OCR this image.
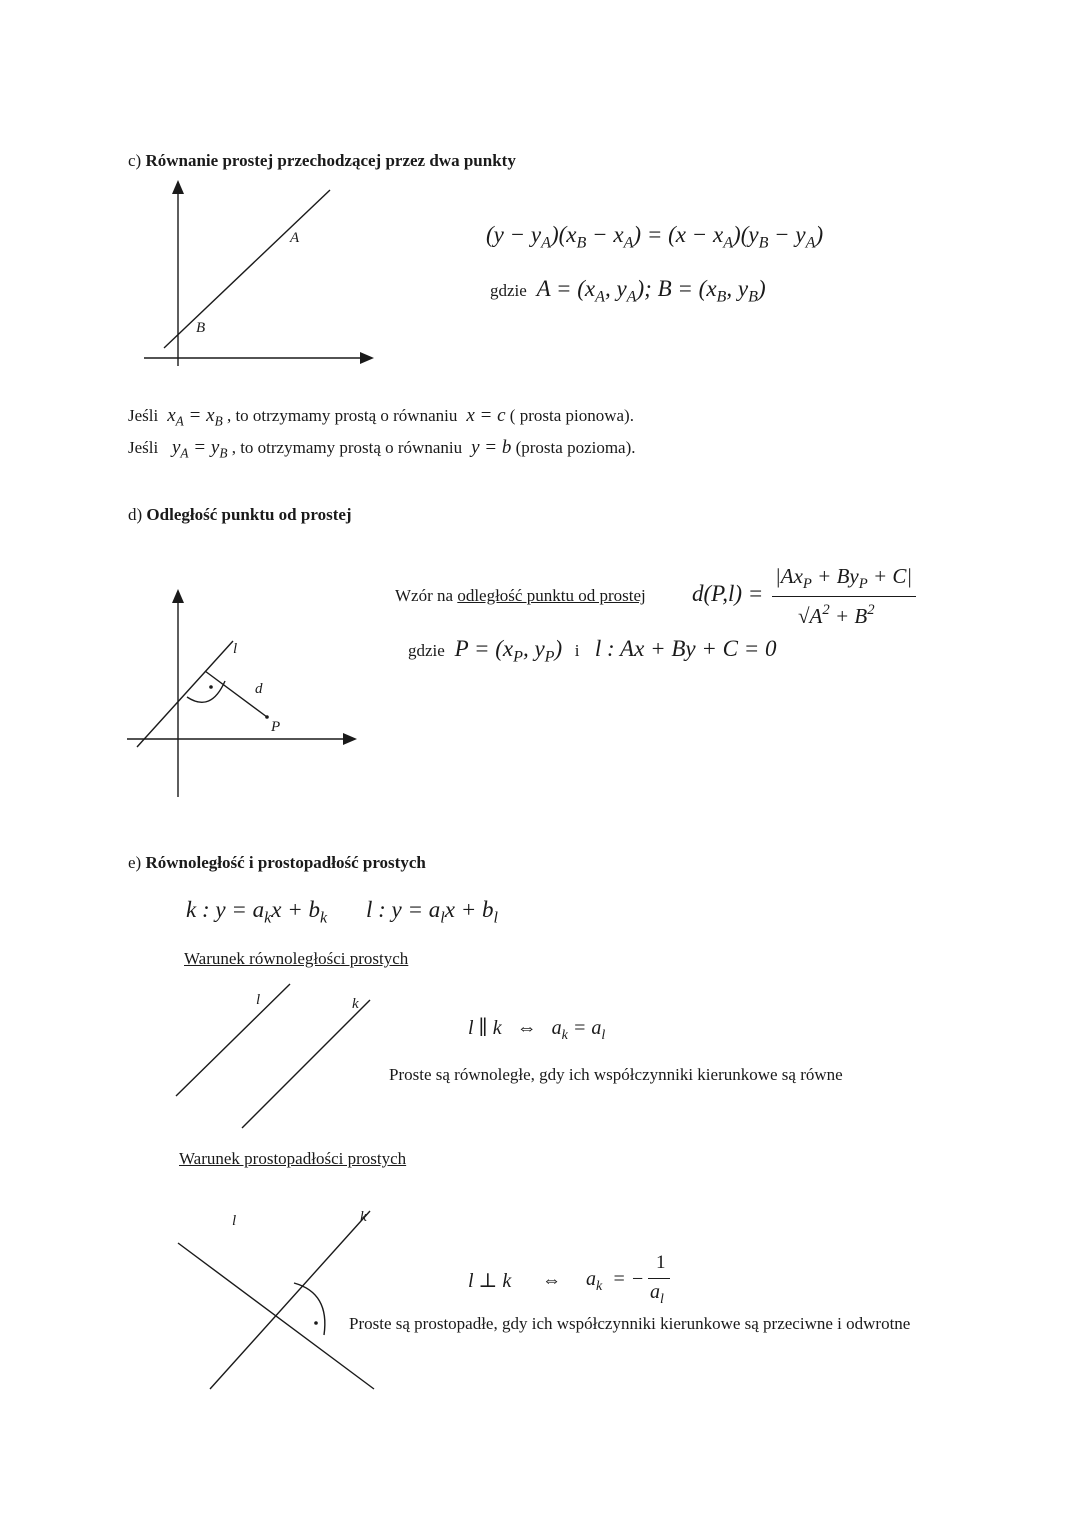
c) Równanie prostej przechodzącej przez dwa punkty
A
B
$(y - y_A)(x_B - x_A) = (x - x_A)(y_B - y_A)$
gdzie  $A = (x_A$, $y_A$); $B = (x_B$, $y_B$)
Jeśli  $x_A = x_B$ , to otrzymamy prostą o równaniu  x = c ( prosta pionowa).
Jeśli   $y_A = y_B$ , to otrzymamy prostą o równaniu  y = b (prosta pozioma).
d) Odległość punktu od prostej
l
d
P
Wzór na odległość punktu od prostej d(P,l) =
$|Ax_P + By_P + C|$
$√A^2 + B^2$
gdzie  $P = (x_P$, $y_P$) i l : Ax + By + C = 0
e) Równoległość i prostopadłość prostych
k : $y = a_kx + b_k$ l : $y = a_lx + b_l$
Warunek równoległości prostych
l	k
l ∥ k   ⇔   $a_k = a_l$
Proste są równoległe, gdy ich współczynniki kierunkowe są równe
Warunek prostopadłości prostych
l	k
l ⊥ k ⇔ $a_k$  = −
1
$a_l$
Proste są prostopadłe, gdy ich współczynniki kierunkowe są przeciwne i odwrotne
